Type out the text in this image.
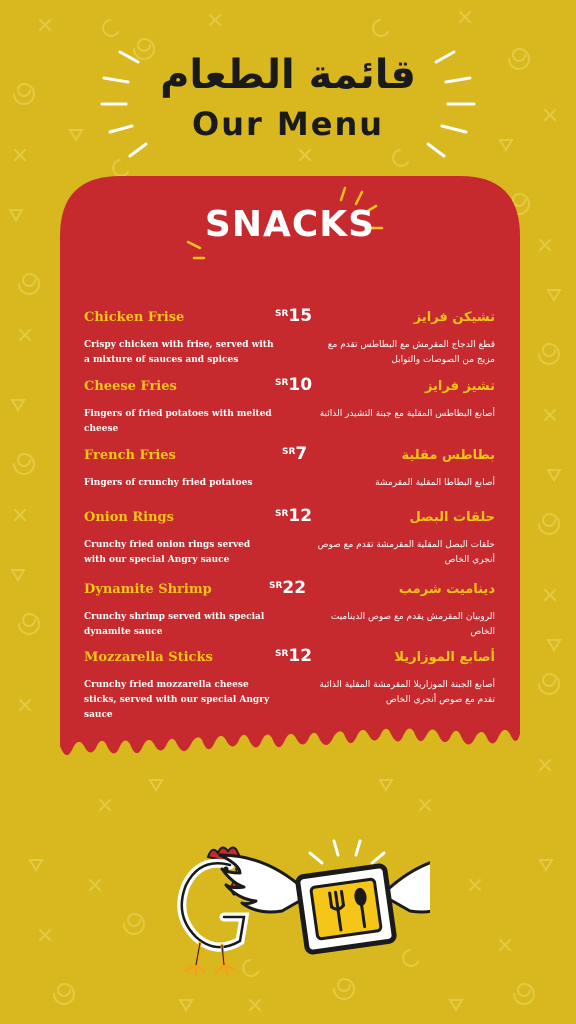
قائمة الطعام
Our Menu
SNACKS
Chicken Frise	$^{SR}$15
Crispy chicken with frise, served with a mixture of sauces and spices
تشيكن فرايز
قطع الدجاج المقرمش مع البطاطس تقدم مع مزيج من الصوصات والتوابل
Cheese Fries	$^{SR}$10
Fingers of fried potatoes with melted cheese
تشيز فرايز
أصابع البطاطس المقلية مع جبنة التشيدر الذائبة
French Fries	$^{SR}$7
Fingers of crunchy fried potatoes
بطاطس مقلية
أصابع البطاطا المقلية المقرمشة
Onion Rings	$^{SR}$12
Crunchy fried onion rings served with our special Angry sauce
حلقات البصل
حلقات البصل المقلية المقرمشة تقدم مع صوص أنجري الخاص
Dynamite Shrimp	$^{SR}$22
Crunchy shrimp served with special dynamite sauce
ديناميت شرمب
الروبيان المقرمش يقدم مع صوص الديناميت الخاص
Mozzarella Sticks	$^{SR}$12
Crunchy fried mozzarella cheese sticks, served with our special Angry sauce
أصابع الموزاريلا
أصابع الجبنة الموزاريلا المقرمشة المقلية الذائبة تقدم مع صوص أنجري الخاص
